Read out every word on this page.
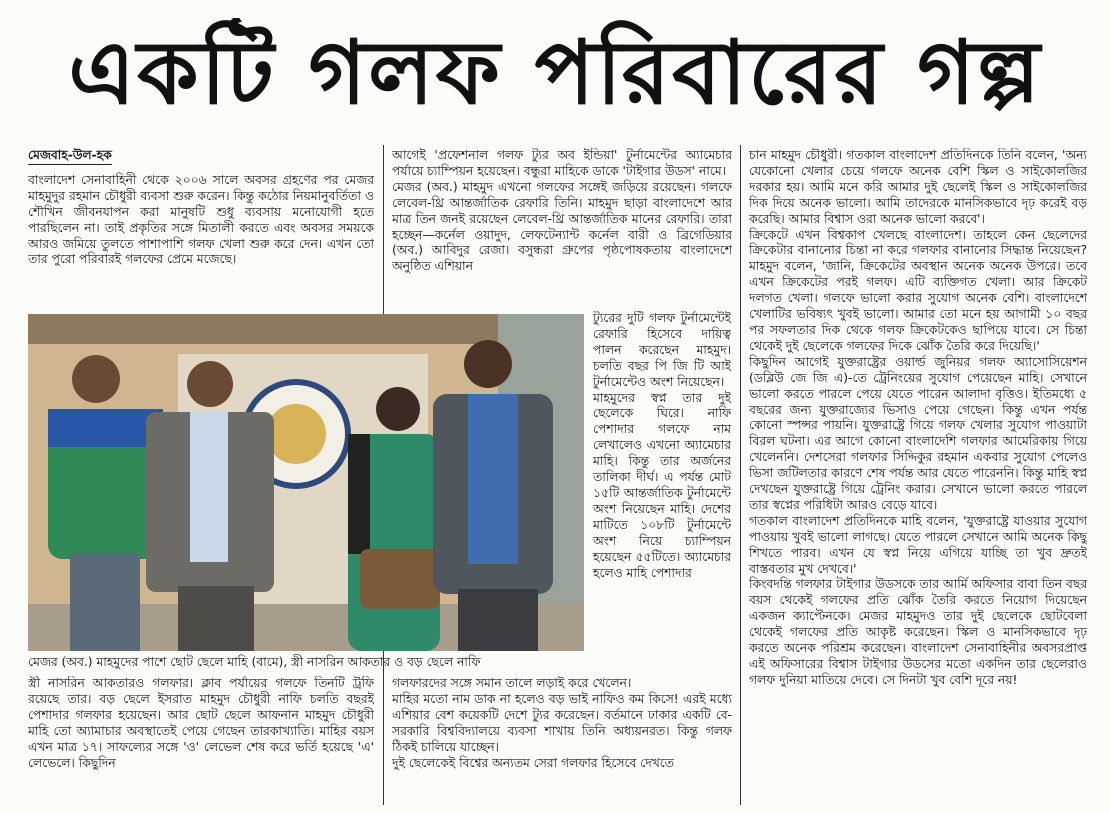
একটি গলফ পরিবারের গল্প
মেজবাহ-উল-হক

বাংলাদেশ সেনাবাহিনী থেকে ২০০৬ সালে অবসর গ্রহণের পর মেজর মাহমুদুর রহমান চৌধুরী ব্যবসা শুরু করেন। কিন্তু কঠোর নিয়মানুবর্তিতা ও শৌখিন জীবনযাপন করা মানুষটি শুধু ব্যবসায় মনোযোগী হতে পারছিলেন না। তাই প্রকৃতির সঙ্গে মিতালী করতে এবং অবসর সময়কে আরও জমিয়ে তুলতে পাশাপাশি গলফ খেলা শুরু করে দেন। এখন তো তার পুরো পরিবারই গলফের প্রেমে মজেছে।

আগেই 'প্রফেশনাল গলফ ট্যুর অব ইন্ডিয়া' টুর্নামেন্টের অ্যামেচার পর্যায়ে চ্যাম্পিয়ন হয়েছেন। বন্ধুরা মাহিকে ডাকে 'টাইগার উডস' নামে।

মেজর (অব.) মাহমুদ এখনো গলফের সঙ্গেই জড়িয়ে রয়েছেন। গলফে লেবেল-থ্রি আন্তর্জাতিক রেফারি তিনি। মাহমুদ ছাড়া বাংলাদেশে আর মাত্র তিন জনই রয়েছেন লেবেল-থ্রি আন্তর্জাতিক মানের রেফারি। তারা হচ্ছেন—কর্নেল ওয়াদুদ, লেফটেন্যান্ট কর্নেল বারী ও ব্রিগেডিয়ার (অব.) আবিদুর রেজা। বসুন্ধরা গ্রুপের পৃষ্ঠপোষকতায় বাংলাদেশে অনুষ্ঠিত এশিয়ান

মেজর (অব.) মাহমুদের পাশে ছোট ছেলে মাহি (বামে), স্ত্রী নাসরিন আকতার ও বড় ছেলে নাফি

ট্যুরের দুটি গলফ টুর্নামেন্টেই রেফারি হিসেবে দায়িত্ব পালন করেছেন মাহমুদ। চলতি বছর পি জি টি আই টুর্নামেন্টেও অংশ নিয়েছেন।

মাহমুদের স্বপ্ন তার দুই ছেলেকে ঘিরে। নাফি পেশাদার গলফে নাম লেখালেও এখনো অ্যামেচার মাহি। কিন্তু তার অর্জনের তালিকা দীর্ঘ। এ পর্যন্ত মোট ১৫টি আন্তর্জাতিক টুর্নামেন্টে অংশ নিয়েছেন মাহি। দেশের মাটিতে ১০৮টি টুর্নামেন্টে অংশ নিয়ে চ্যাম্পিয়ন হয়েছেন ৫৫টিতে। অ্যামেচার হলেও মাহি পেশাদার

স্ত্রী নাসরিন আকতারও গলফার। ক্লাব পর্যায়ের গলফে তিনটি ট্রফি রয়েছে তার। বড় ছেলে ইসরাত মাহমুদ চৌধুরী নাফি চলতি বছরই পেশাদার গলফার হয়েছেন। আর ছোট ছেলে আফনান মাহমুদ চৌধুরী মাহি তো অ্যামাচার অবস্থাতেই পেয়ে গেছেন তারকাখ্যাতি। মাহির বয়স এখন মাত্র ১৭। সাফল্যের সঙ্গে 'ও' লেভেল শেষ করে ভর্তি হয়েছে 'এ' লেভেলে। কিছুদিন

গলফারদের সঙ্গে সমান তালে লড়াই করে খেলেন।

মাহির মতো নাম ডাক না হলেও বড় ভাই নাফিও কম কিসে! এরই মধ্যে এশিয়ার বেশ কয়েকটি দেশে ট্যুর করেছেন। বর্তমানে ঢাকার একটি বে-সরকারি বিশ্ববিদ্যালয়ে ব্যবসা শাখায় তিনি অধ্যয়নরত। কিন্তু গলফ ঠিকই চালিয়ে যাচ্ছেন।

দুই ছেলেকেই বিশ্বের অন্যতম সেরা গলফার হিসেবে দেখতে

চান মাহমুদ চৌধুরী। গতকাল বাংলাদেশ প্রতিদিনকে তিনি বলেন, 'অন্য যেকোনো খেলার চেয়ে গলফে অনেক বেশি স্কিল ও সাইকোলজির দরকার হয়। আমি মনে করি আমার দুই ছেলেই স্কিল ও সাইকোলজির দিক দিয়ে অনেক ভালো। আমি তাদেরকে মানসিকভাবে দৃঢ় করেই বড় করেছি। আমার বিশ্বাস ওরা অনেক ভালো করবে'।

ক্রিকেটে এখন বিশ্বকাপ খেলছে বাংলাদেশ। তাহলে কেন ছেলেদের ক্রিকেটার বানানোর চিন্তা না করে গলফার বানানোর সিদ্ধান্ত নিয়েছেন? মাহমুদ বলেন, 'জানি, ক্রিকেটের অবস্থান অনেক অনেক উপরে। তবে এখন ক্রিকেটের পরই গলফ। এটি ব্যক্তিগত খেলা। আর ক্রিকেট দলগত খেলা। গলফে ভালো করার সুযোগ অনেক বেশি। বাংলাদেশে খেলাটির ভবিষ্যৎ খুবই ভালো। আমার তো মনে হয় আগামী ১০ বছর পর সফলতার দিক থেকে গলফ ক্রিকেটকেও ছাপিয়ে যাবে। সে চিন্তা থেকেই দুই ছেলেকে গলফের দিকে ঝোঁক তৈরি করে দিয়েছি।'

কিছুদিন আগেই যুক্তরাষ্ট্রের ওয়ার্ল্ড জুনিয়র গলফ অ্যাসোসিয়েশন (ডব্লিউ জে জি এ)-তে ট্রেনিংয়ের সুযোগ পেয়েছেন মাহি। সেখানে ভালো করতে পারলে পেয়ে যেতে পারেন আলাদা বৃত্তিও। ইতিমধ্যে ৫ বছরের জন্য যুক্তরাজ্যের ভিসাও পেয়ে গেছেন। কিন্তু এখন পর্যন্ত কোনো স্পন্সর পায়নি। যুক্তরাষ্ট্রে গিয়ে গলফ খেলার সুযোগ পাওয়াটা বিরল ঘটনা। এর আগে কোনো বাংলাদেশি গলফার আমেরিকায় গিয়ে খেলেননি। দেশসেরা গলফার সিদ্দিকুর রহমান একবার সুযোগ পেলেও ভিসা জটিলতার কারণে শেষ পর্যন্ত আর যেতে পারেননি। কিন্তু মাহি স্বপ্ন দেখছেন যুক্তরাষ্ট্রে গিয়ে ট্রেনিং করার। সেখানে ভালো করতে পারলে তার স্বপ্নের পরিধিটা আরও বেড়ে যাবে।

গতকাল বাংলাদেশ প্রতিদিনকে মাহি বলেন, 'যুক্তরাষ্ট্রে যাওয়ার সুযোগ পাওয়ায় খুবই ভালো লাগছে। যেতে পারলে সেখানে আমি অনেক কিছু শিখতে পারব। এখন যে স্বপ্ন নিয়ে এগিয়ে যাচ্ছি তা খুব দ্রুতই বাস্তবতার মুখ দেখবে।'

কিংবদন্তি গলফার টাইগার উডসকে তার আর্মি অফিসার বাবা তিন বছর বয়স থেকেই গলফের প্রতি ঝোঁক তৈরি করতে নিয়োগ দিয়েছেন একজন ক্যাপ্টেনকে। মেজর মাহমুদও তার দুই ছেলেকে ছোটবেলা থেকেই গলফের প্রতি আকৃষ্ট করেছেন। স্কিল ও মানসিকভাবে দৃঢ় করতে অনেক পরিশ্রম করেছেন। বাংলাদেশ সেনাবাহিনীর অবসরপ্রাপ্ত এই অফিসারের বিশ্বাস টাইগার উডসের মতো একদিন তার ছেলেরাও গলফ দুনিয়া মাতিয়ে দেবে। সে দিনটা খুব বেশি দূরে নয়!
